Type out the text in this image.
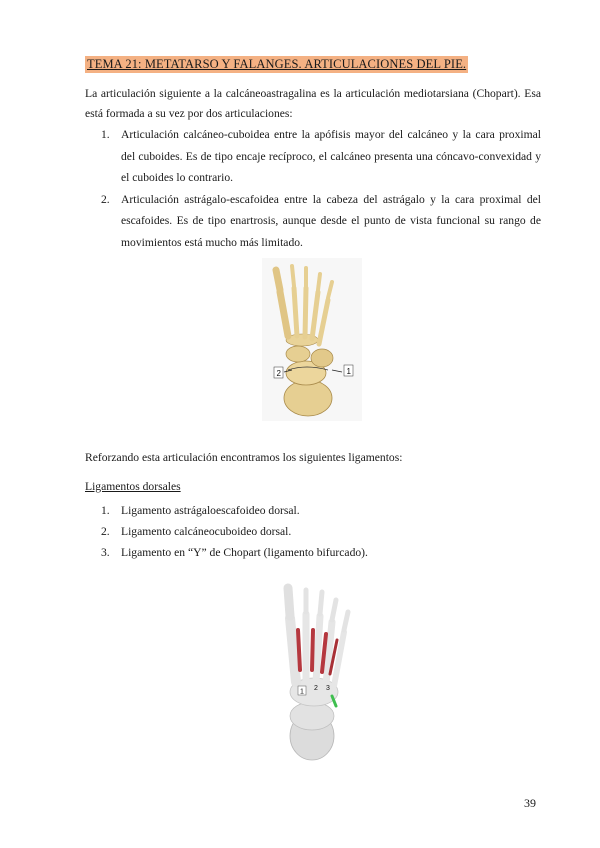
TEMA 21: METATARSO Y FALANGES. ARTICULACIONES DEL PIE.
La articulación siguiente a la calcáneoastragalina es la articulación mediotarsiana (Chopart). Esa está formada a su vez por dos articulaciones:
1. Articulación calcáneo-cuboidea entre la apófisis mayor del calcáneo y la cara proximal del cuboides. Es de tipo encaje recíproco, el calcáneo presenta una cóncavo-convexidad y el cuboides lo contrario.
2. Articulación astrágalo-escafoidea entre la cabeza del astrágalo y la cara proximal del escafoides. Es de tipo enartrosis, aunque desde el punto de vista funcional su rango de movimientos está mucho más limitado.
2	1
Reforzando esta articulación encontramos los siguientes ligamentos:
Ligamentos dorsales
1. Ligamento astrágaloescafoideo dorsal.
2. Ligamento calcáneocuboideo dorsal.
3. Ligamento en “Y” de Chopart (ligamento bifurcado).
1 2 3
39
